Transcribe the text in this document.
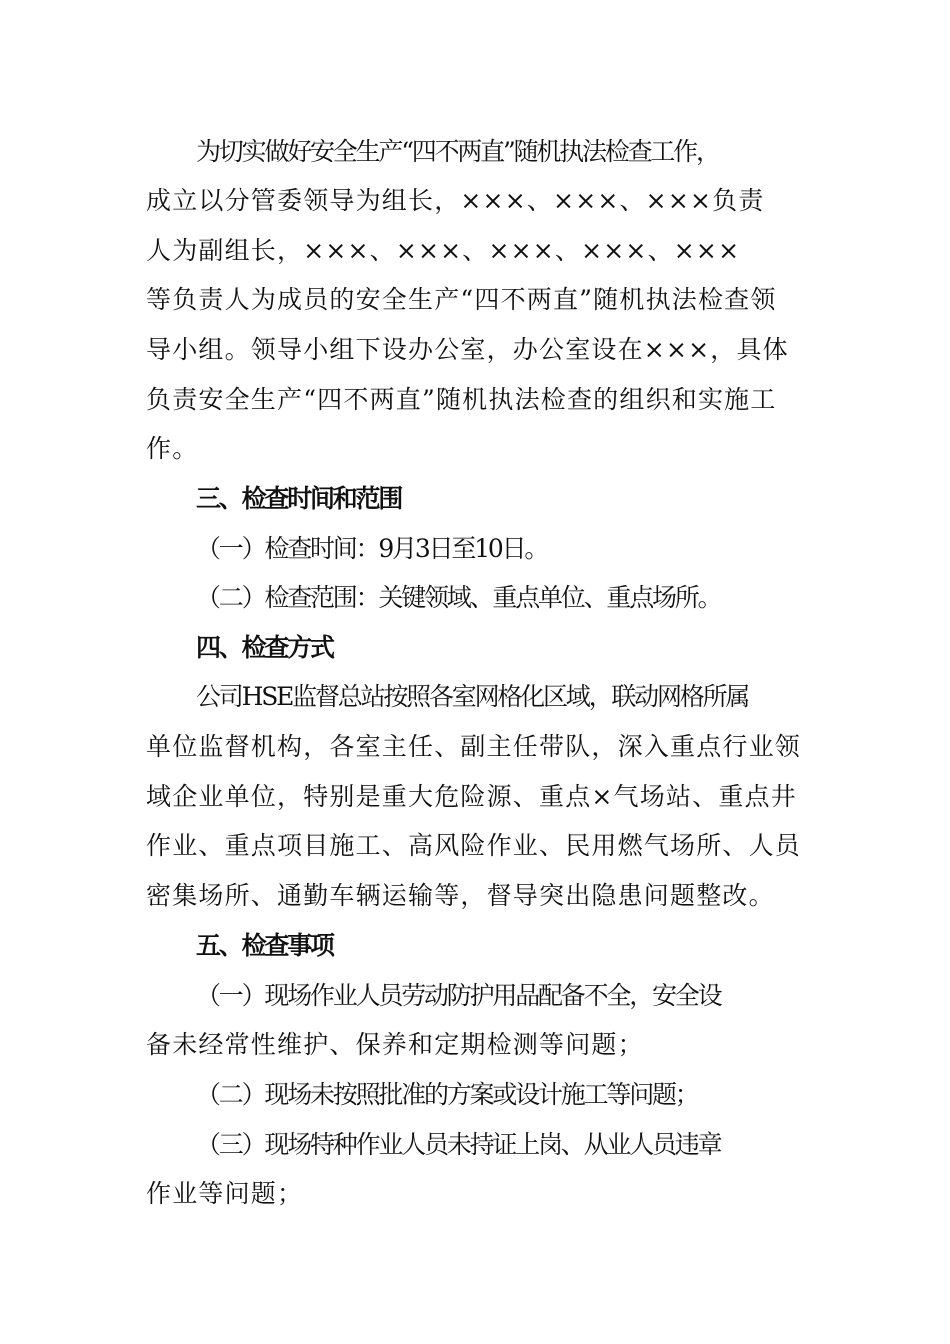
为切实做好安全生产“四不两直”随机执法检查工作，
成立以分管委领导为组长，×××、×××、×××负责
人为副组长，×××、×××、×××、×××、×××
等负责人为成员的安全生产“四不两直”随机执法检查领
导小组。领导小组下设办公室，办公室设在×××，具体
负责安全生产“四不两直”随机执法检查的组织和实施工
作。
三、检查时间和范围
（一）检查时间：9月3日至10日。
（二）检查范围：关键领域、重点单位、重点场所。
四、检查方式
公司HSE监督总站按照各室网格化区域，联动网格所属
单位监督机构，各室主任、副主任带队，深入重点行业领
域企业单位，特别是重大危险源、重点×气场站、重点井
作业、重点项目施工、高风险作业、民用燃气场所、人员
密集场所、通勤车辆运输等，督导突出隐患问题整改。
五、检查事项
（一）现场作业人员劳动防护用品配备不全，安全设
备未经常性维护、保养和定期检测等问题；
（二）现场未按照批准的方案或设计施工等问题；
（三）现场特种作业人员未持证上岗、从业人员违章
作业等问题；
